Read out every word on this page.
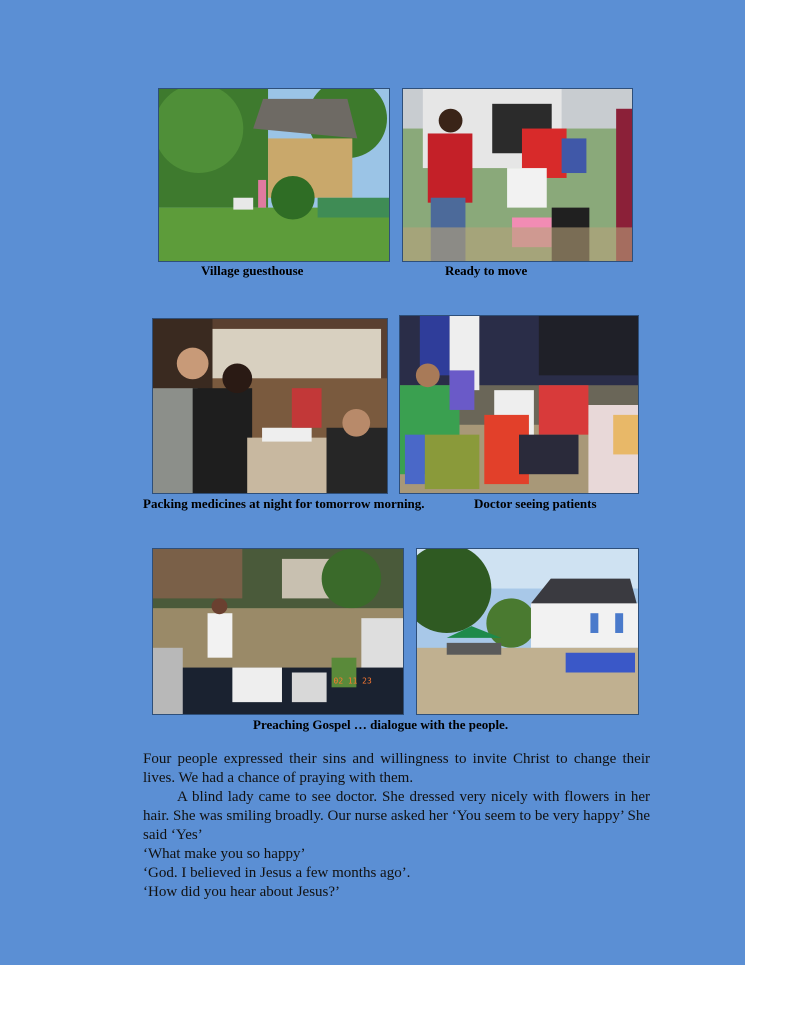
Village guesthouse	Ready to move
Packing medicines at night for tomorrow morning.	Doctor seeing patients
02 11 23
Preaching Gospel … dialogue with the people.

Four people expressed their sins and willingness to invite Christ to change their lives. We had a chance of praying with them.

A blind lady came to see doctor. She dressed very nicely with flowers in her hair. She was smiling broadly. Our nurse asked her ‘You seem to be very happy’ She said ‘Yes’

‘What make you so happy’

‘God. I believed in Jesus a few months ago’.

‘How did you hear about Jesus?’
